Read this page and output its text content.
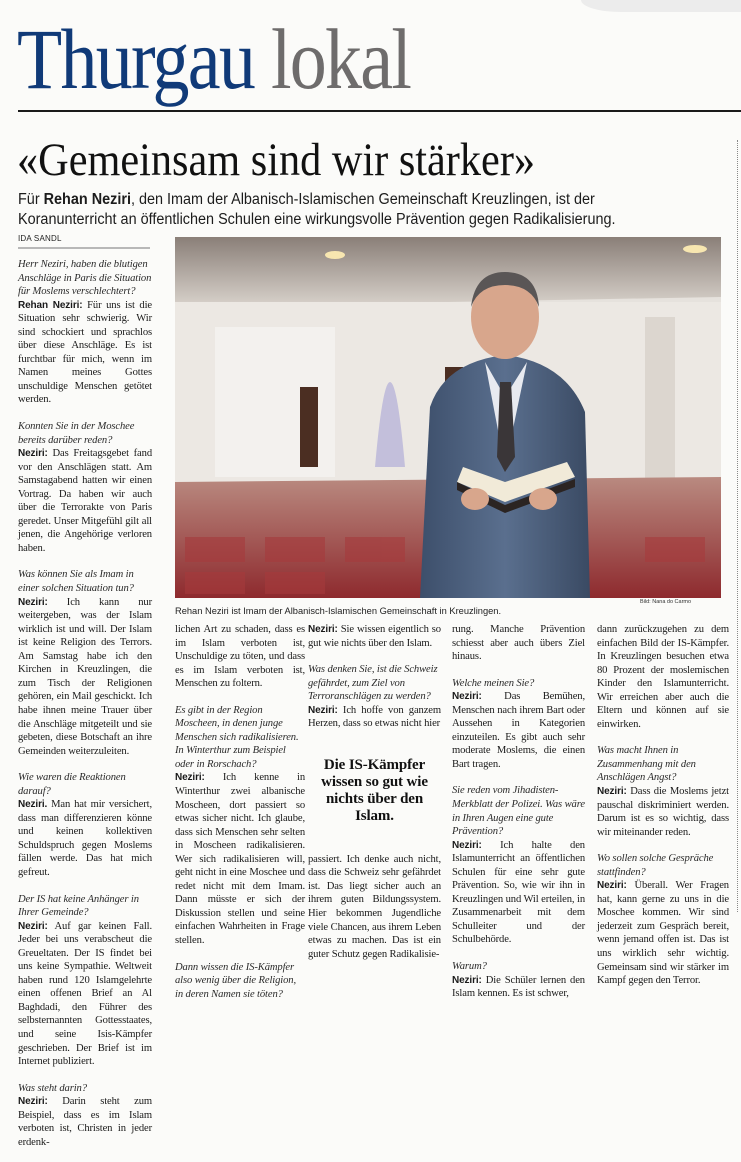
Thurgau lokal
«Gemeinsam sind wir stärker»
Für Rehan Neziri, den Imam der Albanisch-Islamischen Gemeinschaft Kreuzlingen, ist der Koranunterricht an öffentlichen Schulen eine wirkungsvolle Prävention gegen Radikalisierung.
IDA SANDL
Bild: Nana do Carmo
Rehan Neziri ist Imam der Albanisch-Islamischen Gemeinschaft in Kreuzlingen.

Herr Neziri, haben die blutigen Anschläge in Paris die Situation für Moslems verschlechtert?

Rehan Neziri: Für uns ist die Situation sehr schwierig. Wir sind schockiert und sprachlos über diese Anschläge. Es ist furchtbar für mich, wenn im Namen meines Gottes unschuldige Menschen getötet werden.

Konnten Sie in der Moschee bereits darüber reden?

Neziri: Das Freitagsgebet fand vor den Anschlägen statt. Am Samstagabend hatten wir einen Vortrag. Da haben wir auch über die Terrorakte von Paris geredet. Unser Mitgefühl gilt all jenen, die Angehörige verloren haben.

Was können Sie als Imam in einer solchen Situation tun?

Neziri: Ich kann nur weitergeben, was der Islam wirklich ist und will. Der Islam ist keine Religion des Terrors. Am Samstag habe ich den Kirchen in Kreuzlingen, die zum Tisch der Religionen gehören, ein Mail geschickt. Ich habe ihnen meine Trauer über die Anschläge mitgeteilt und sie gebeten, diese Botschaft an ihre Gemeinden weiterzuleiten.

Wie waren die Reaktionen darauf?

Neziri. Man hat mir versichert, dass man differenzieren könne und keinen kollektiven Schuldspruch gegen Moslems fällen werde. Das hat mich gefreut.

Der IS hat keine Anhänger in Ihrer Gemeinde?

Neziri: Auf gar keinen Fall. Jeder bei uns verabscheut die Greueltaten. Der IS findet bei uns keine Sympathie. Weltweit haben rund 120 Islamgelehrte einen offenen Brief an Al Baghdadi, den Führer des selbsternannten Gottesstaates, und seine Isis-Kämpfer geschrieben. Der Brief ist im Internet publiziert.

Was steht darin?

Neziri: Darin steht zum Beispiel, dass es im Islam verboten ist, Christen in jeder erdenk-

lichen Art zu schaden, dass es im Islam verboten ist, Unschuldige zu töten, und dass es im Islam verboten ist, Menschen zu foltern.

Es gibt in der Region Moscheen, in denen junge Menschen sich radikalisieren. In Winterthur zum Beispiel oder in Rorschach?

Neziri: Ich kenne in Winterthur zwei albanische Moscheen, dort passiert so etwas sicher nicht. Ich glaube, dass sich Menschen sehr selten in Moscheen radikalisieren. Wer sich radikalisieren will, geht nicht in eine Moschee und redet nicht mit dem Imam. Dann müsste er sich der Diskussion stellen und seine einfachen Wahrheiten in Frage stellen.

Dann wissen die IS-Kämpfer also wenig über die Religion, in deren Namen sie töten?

Neziri: Sie wissen eigentlich so gut wie nichts über den Islam.

Was denken Sie, ist die Schweiz gefährdet, zum Ziel von Terroranschlägen zu werden?

Neziri: Ich hoffe von ganzem Herzen, dass so etwas nicht hier

Die IS-Kämpfer wissen so gut wie nichts über den Islam.

passiert. Ich denke auch nicht, dass die Schweiz sehr gefährdet ist. Das liegt sicher auch an ihrem guten Bildungssystem. Hier bekommen Jugendliche viele Chancen, aus ihrem Leben etwas zu machen. Das ist ein guter Schutz gegen Radikalisie-

rung. Manche Prävention schiesst aber auch übers Ziel hinaus.

Welche meinen Sie?

Neziri: Das Bemühen, Menschen nach ihrem Bart oder Aussehen in Kategorien einzuteilen. Es gibt auch sehr moderate Moslems, die einen Bart tragen.

Sie reden vom Jihadisten-Merkblatt der Polizei. Was wäre in Ihren Augen eine gute Prävention?

Neziri: Ich halte den Islamunterricht an öffentlichen Schulen für eine sehr gute Prävention. So, wie wir ihn in Kreuzlingen und Wil erteilen, in Zusammenarbeit mit dem Schulleiter und der Schulbehörde.

Warum?

Neziri: Die Schüler lernen den Islam kennen. Es ist schwer,

dann zurückzugehen zu dem einfachen Bild der IS-Kämpfer. In Kreuzlingen besuchen etwa 80 Prozent der moslemischen Kinder den Islamunterricht. Wir erreichen aber auch die Eltern und können auf sie einwirken.

Was macht Ihnen in Zusammenhang mit den Anschlägen Angst?

Neziri: Dass die Moslems jetzt pauschal diskriminiert werden. Darum ist es so wichtig, dass wir miteinander reden.

Wo sollen solche Gespräche stattfinden?

Neziri: Überall. Wer Fragen hat, kann gerne zu uns in die Moschee kommen. Wir sind jederzeit zum Gespräch bereit, wenn jemand offen ist. Das ist uns wirklich sehr wichtig. Gemeinsam sind wir stärker im Kampf gegen den Terror.
